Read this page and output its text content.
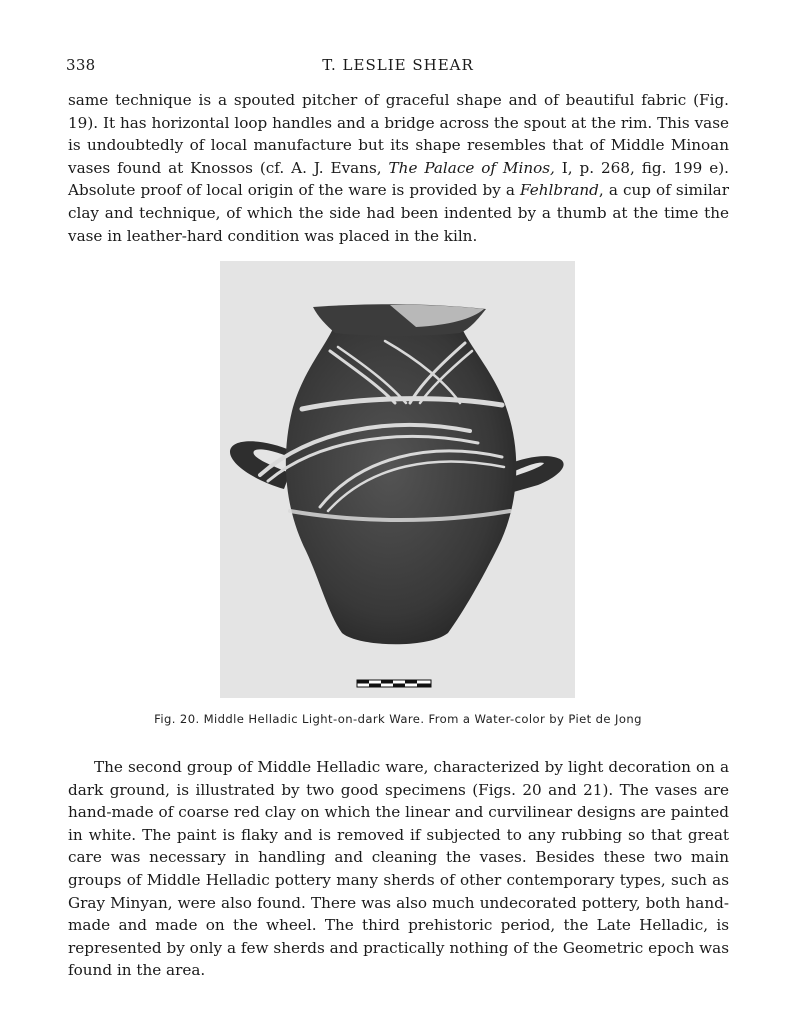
338	T. LESLIE SHEAR

same technique is a spouted pitcher of graceful shape and of beautiful fabric (Fig. 19). It has horizontal loop handles and a bridge across the spout at the rim. This vase is undoubtedly of local manufacture but its shape resembles that of Middle Minoan vases found at Knossos (cf. A. J. Evans, The Palace of Minos, I, p. 268, fig. 199 e). Absolute proof of local origin of the ware is provided by a Fehlbrand, a cup of similar clay and technique, of which the side had been indented by a thumb at the time the vase in leather-hard condition was placed in the kiln.

Fig. 20. Middle Helladic Light-on-dark Ware. From a Water-color by Piet de Jong

The second group of Middle Helladic ware, characterized by light decoration on a dark ground, is illustrated by two good specimens (Figs. 20 and 21). The vases are hand-made of coarse red clay on which the linear and curvilinear designs are painted in white. The paint is flaky and is removed if subjected to any rubbing so that great care was necessary in handling and cleaning the vases. Besides these two main groups of Middle Helladic pottery many sherds of other contemporary types, such as Gray Minyan, were also found. There was also much undecorated pottery, both hand-made and made on the wheel. The third prehistoric period, the Late Helladic, is represented by only a few sherds and practically nothing of the Geometric epoch was found in the area.
